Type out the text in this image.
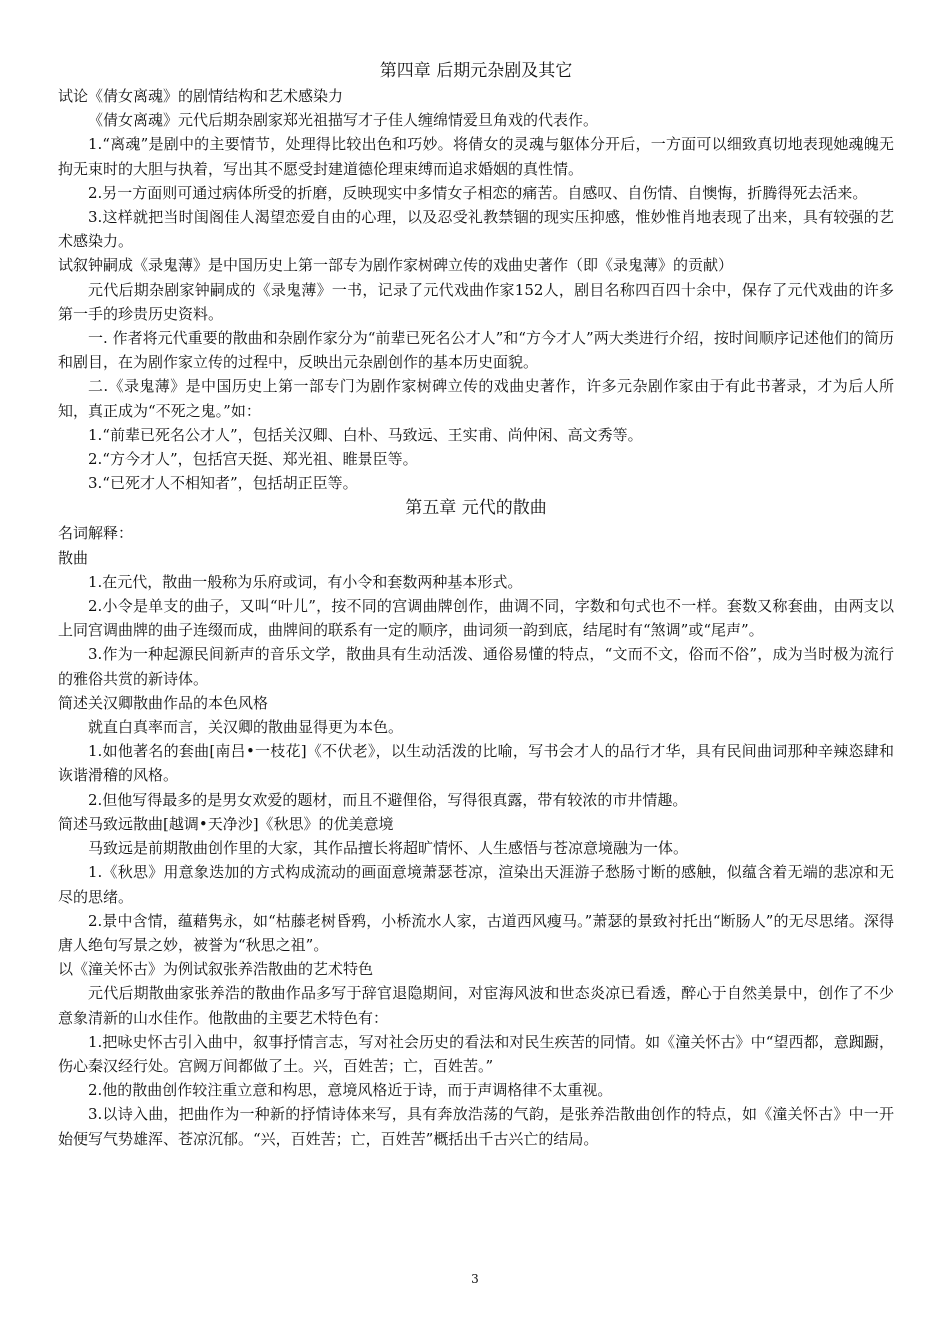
第四章 后期元杂剧及其它

试论《倩女离魂》的剧情结构和艺术感染力

《倩女离魂》元代后期杂剧家郑光祖描写才子佳人缠绵情爱旦角戏的代表作。

1.“离魂”是剧中的主要情节，处理得比较出色和巧妙。将倩女的灵魂与躯体分开后，一方面可以细致真切地表现她魂魄无拘无束时的大胆与执着，写出其不愿受封建道德伦理束缚而追求婚姻的真性情。

2.另一方面则可通过病体所受的折磨，反映现实中多情女子相恋的痛苦。自感叹、自伤情、自懊悔，折腾得死去活来。

3.这样就把当时闺阁佳人渴望恋爱自由的心理，以及忍受礼教禁锢的现实压抑感，惟妙惟肖地表现了出来，具有较强的艺术感染力。

试叙钟嗣成《录鬼薄》是中国历史上第一部专为剧作家树碑立传的戏曲史著作（即《录鬼薄》的贡献）

元代后期杂剧家钟嗣成的《录鬼薄》一书，记录了元代戏曲作家152人，剧目名称四百四十余中，保存了元代戏曲的许多第一手的珍贵历史资料。

一. 作者将元代重要的散曲和杂剧作家分为“前辈已死名公才人”和“方今才人”两大类进行介绍，按时间顺序记述他们的简历和剧目，在为剧作家立传的过程中，反映出元杂剧创作的基本历史面貌。

二.《录鬼薄》是中国历史上第一部专门为剧作家树碑立传的戏曲史著作，许多元杂剧作家由于有此书著录，才为后人所知，真正成为“不死之鬼。”如：

1.“前辈已死名公才人”，包括关汉卿、白朴、马致远、王实甫、尚仲闲、高文秀等。

2.“方今才人”，包括宫天挺、郑光祖、睢景臣等。

3.“已死才人不相知者”，包括胡正臣等。

第五章 元代的散曲

名词解释：

散曲

1.在元代，散曲一般称为乐府或词，有小令和套数两种基本形式。

2.小令是单支的曲子，又叫“叶儿”，按不同的宫调曲牌创作，曲调不同，字数和句式也不一样。套数又称套曲，由两支以上同宫调曲牌的曲子连缀而成，曲牌间的联系有一定的顺序，曲词须一韵到底，结尾时有“煞调”或“尾声”。

3.作为一种起源民间新声的音乐文学，散曲具有生动活泼、通俗易懂的特点，“文而不文，俗而不俗”，成为当时极为流行的雅俗共赏的新诗体。

简述关汉卿散曲作品的本色风格

就直白真率而言，关汉卿的散曲显得更为本色。

1.如他著名的套曲[南吕•一枝花]《不伏老》，以生动活泼的比喻，写书会才人的品行才华，具有民间曲词那种辛辣恣肆和诙谐滑稽的风格。

2.但他写得最多的是男女欢爱的题材，而且不避俚俗，写得很真露，带有较浓的市井情趣。

简述马致远散曲[越调•天净沙]《秋思》的优美意境

马致远是前期散曲创作里的大家，其作品擅长将超旷情怀、人生感悟与苍凉意境融为一体。

1.《秋思》用意象迭加的方式构成流动的画面意境萧瑟苍凉，渲染出天涯游子愁肠寸断的感触，似蕴含着无端的悲凉和无尽的思绪。

2.景中含情，蕴藉隽永，如“枯藤老树昏鸦，小桥流水人家，古道西风瘦马。”萧瑟的景致衬托出“断肠人”的无尽思绪。深得唐人绝句写景之妙，被誉为“秋思之祖”。

以《潼关怀古》为例试叙张养浩散曲的艺术特色

元代后期散曲家张养浩的散曲作品多写于辞官退隐期间，对宦海风波和世态炎凉已看透，醉心于自然美景中，创作了不少意象清新的山水佳作。他散曲的主要艺术特色有：

1.把咏史怀古引入曲中，叙事抒情言志，写对社会历史的看法和对民生疾苦的同情。如《潼关怀古》中“望西都，意踟蹰，伤心秦汉经行处。宫阙万间都做了土。兴，百姓苦；亡，百姓苦。”

2.他的散曲创作较注重立意和构思，意境风格近于诗，而于声调格律不太重视。

3.以诗入曲，把曲作为一种新的抒情诗体来写，具有奔放浩荡的气韵，是张养浩散曲创作的特点，如《潼关怀古》中一开始便写气势雄浑、苍凉沉郁。“兴，百姓苦；亡，百姓苦”概括出千古兴亡的结局。

3
